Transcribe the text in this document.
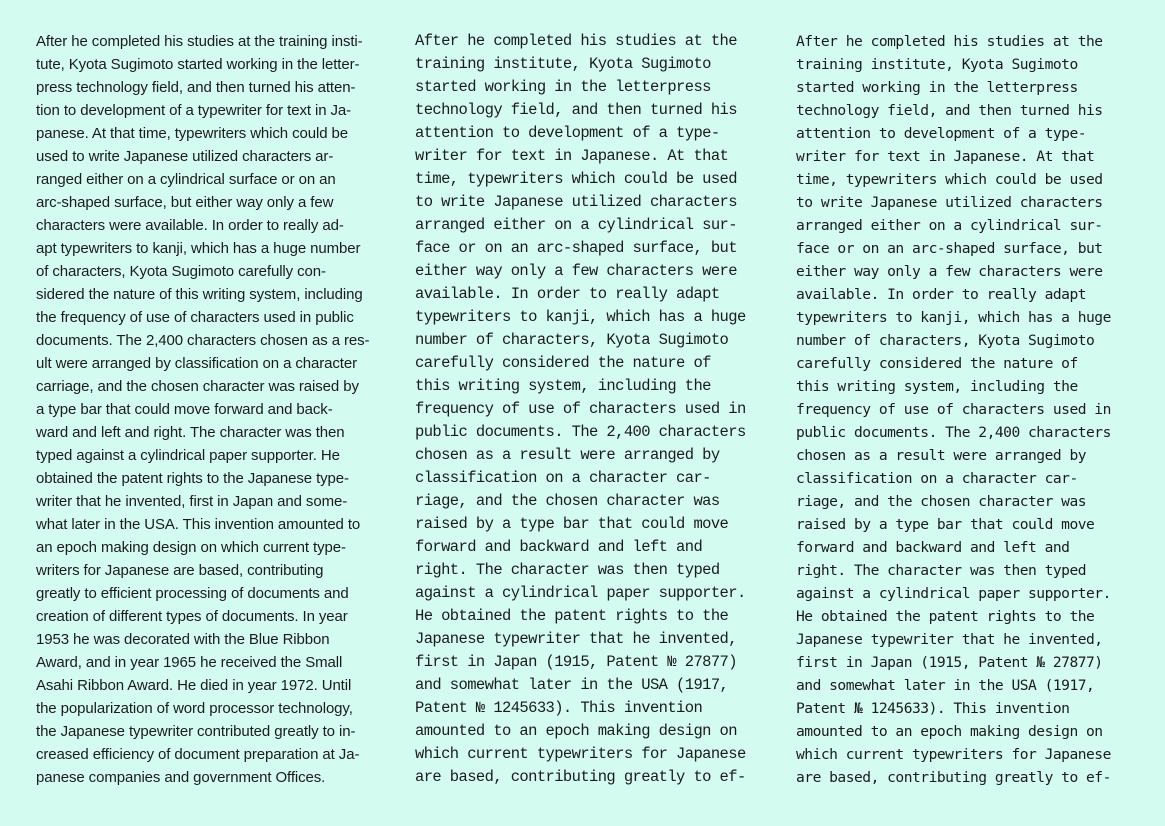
After he completed his studies at the training insti-

tute, Kyota Sugimoto started working in the letter-

press technology field, and then turned his atten-

tion to development of a typewriter for text in Ja-

panese. At that time, typewriters which could be

used to write Japanese utilized characters ar-

ranged either on a cylindrical surface or on an

arc-shaped surface, but either way only a few

characters were available. In order to really ad-

apt typewriters to kanji, which has a huge number

of characters, Kyota Sugimoto carefully con-

sidered the nature of this writing system, including

the frequency of use of characters used in public

documents. The 2,400 characters chosen as a res-

ult were arranged by classification on a character

carriage, and the chosen character was raised by

a type bar that could move forward and back-

ward and left and right. The character was then

typed against a cylindrical paper supporter. He

obtained the patent rights to the Japanese type-

writer that he invented, first in Japan and some-

what later in the USA. This invention amounted to

an epoch making design on which current type-

writers for Japanese are based, contributing

greatly to efficient processing of documents and

creation of different types of documents. In year

1953 he was decorated with the Blue Ribbon

Award, and in year 1965 he received the Small

Asahi Ribbon Award. He died in year 1972. Until

the popularization of word processor technology,

the Japanese typewriter contributed greatly to in-

creased efficiency of document preparation at Ja-

panese companies and government Offices.

After he completed his studies at the

training institute, Kyota Sugimoto

started working in the letterpress

technology field, and then turned his

attention to development of a type-

writer for text in Japanese. At that

time, typewriters which could be used

to write Japanese utilized characters

arranged either on a cylindrical sur-

face or on an arc-shaped surface, but

either way only a few characters were

available. In order to really adapt

typewriters to kanji, which has a huge

number of characters, Kyota Sugimoto

carefully considered the nature of

this writing system, including the

frequency of use of characters used in

public documents. The 2,400 characters

chosen as a result were arranged by

classification on a character car-

riage, and the chosen character was

raised by a type bar that could move

forward and backward and left and

right. The character was then typed

against a cylindrical paper supporter.

He obtained the patent rights to the

Japanese typewriter that he invented,

first in Japan (1915, Patent № 27877)

and somewhat later in the USA (1917,

Patent № 1245633). This invention

amounted to an epoch making design on

which current typewriters for Japanese

are based, contributing greatly to ef-

After he completed his studies at the

training institute, Kyota Sugimoto

started working in the letterpress

technology field, and then turned his

attention to development of a type-

writer for text in Japanese. At that

time, typewriters which could be used

to write Japanese utilized characters

arranged either on a cylindrical sur-

face or on an arc-shaped surface, but

either way only a few characters were

available. In order to really adapt

typewriters to kanji, which has a huge

number of characters, Kyota Sugimoto

carefully considered the nature of

this writing system, including the

frequency of use of characters used in

public documents. The 2,400 characters

chosen as a result were arranged by

classification on a character car-

riage, and the chosen character was

raised by a type bar that could move

forward and backward and left and

right. The character was then typed

against a cylindrical paper supporter.

He obtained the patent rights to the

Japanese typewriter that he invented,

first in Japan (1915, Patent № 27877)

and somewhat later in the USA (1917,

Patent № 1245633). This invention

amounted to an epoch making design on

which current typewriters for Japanese

are based, contributing greatly to ef-
